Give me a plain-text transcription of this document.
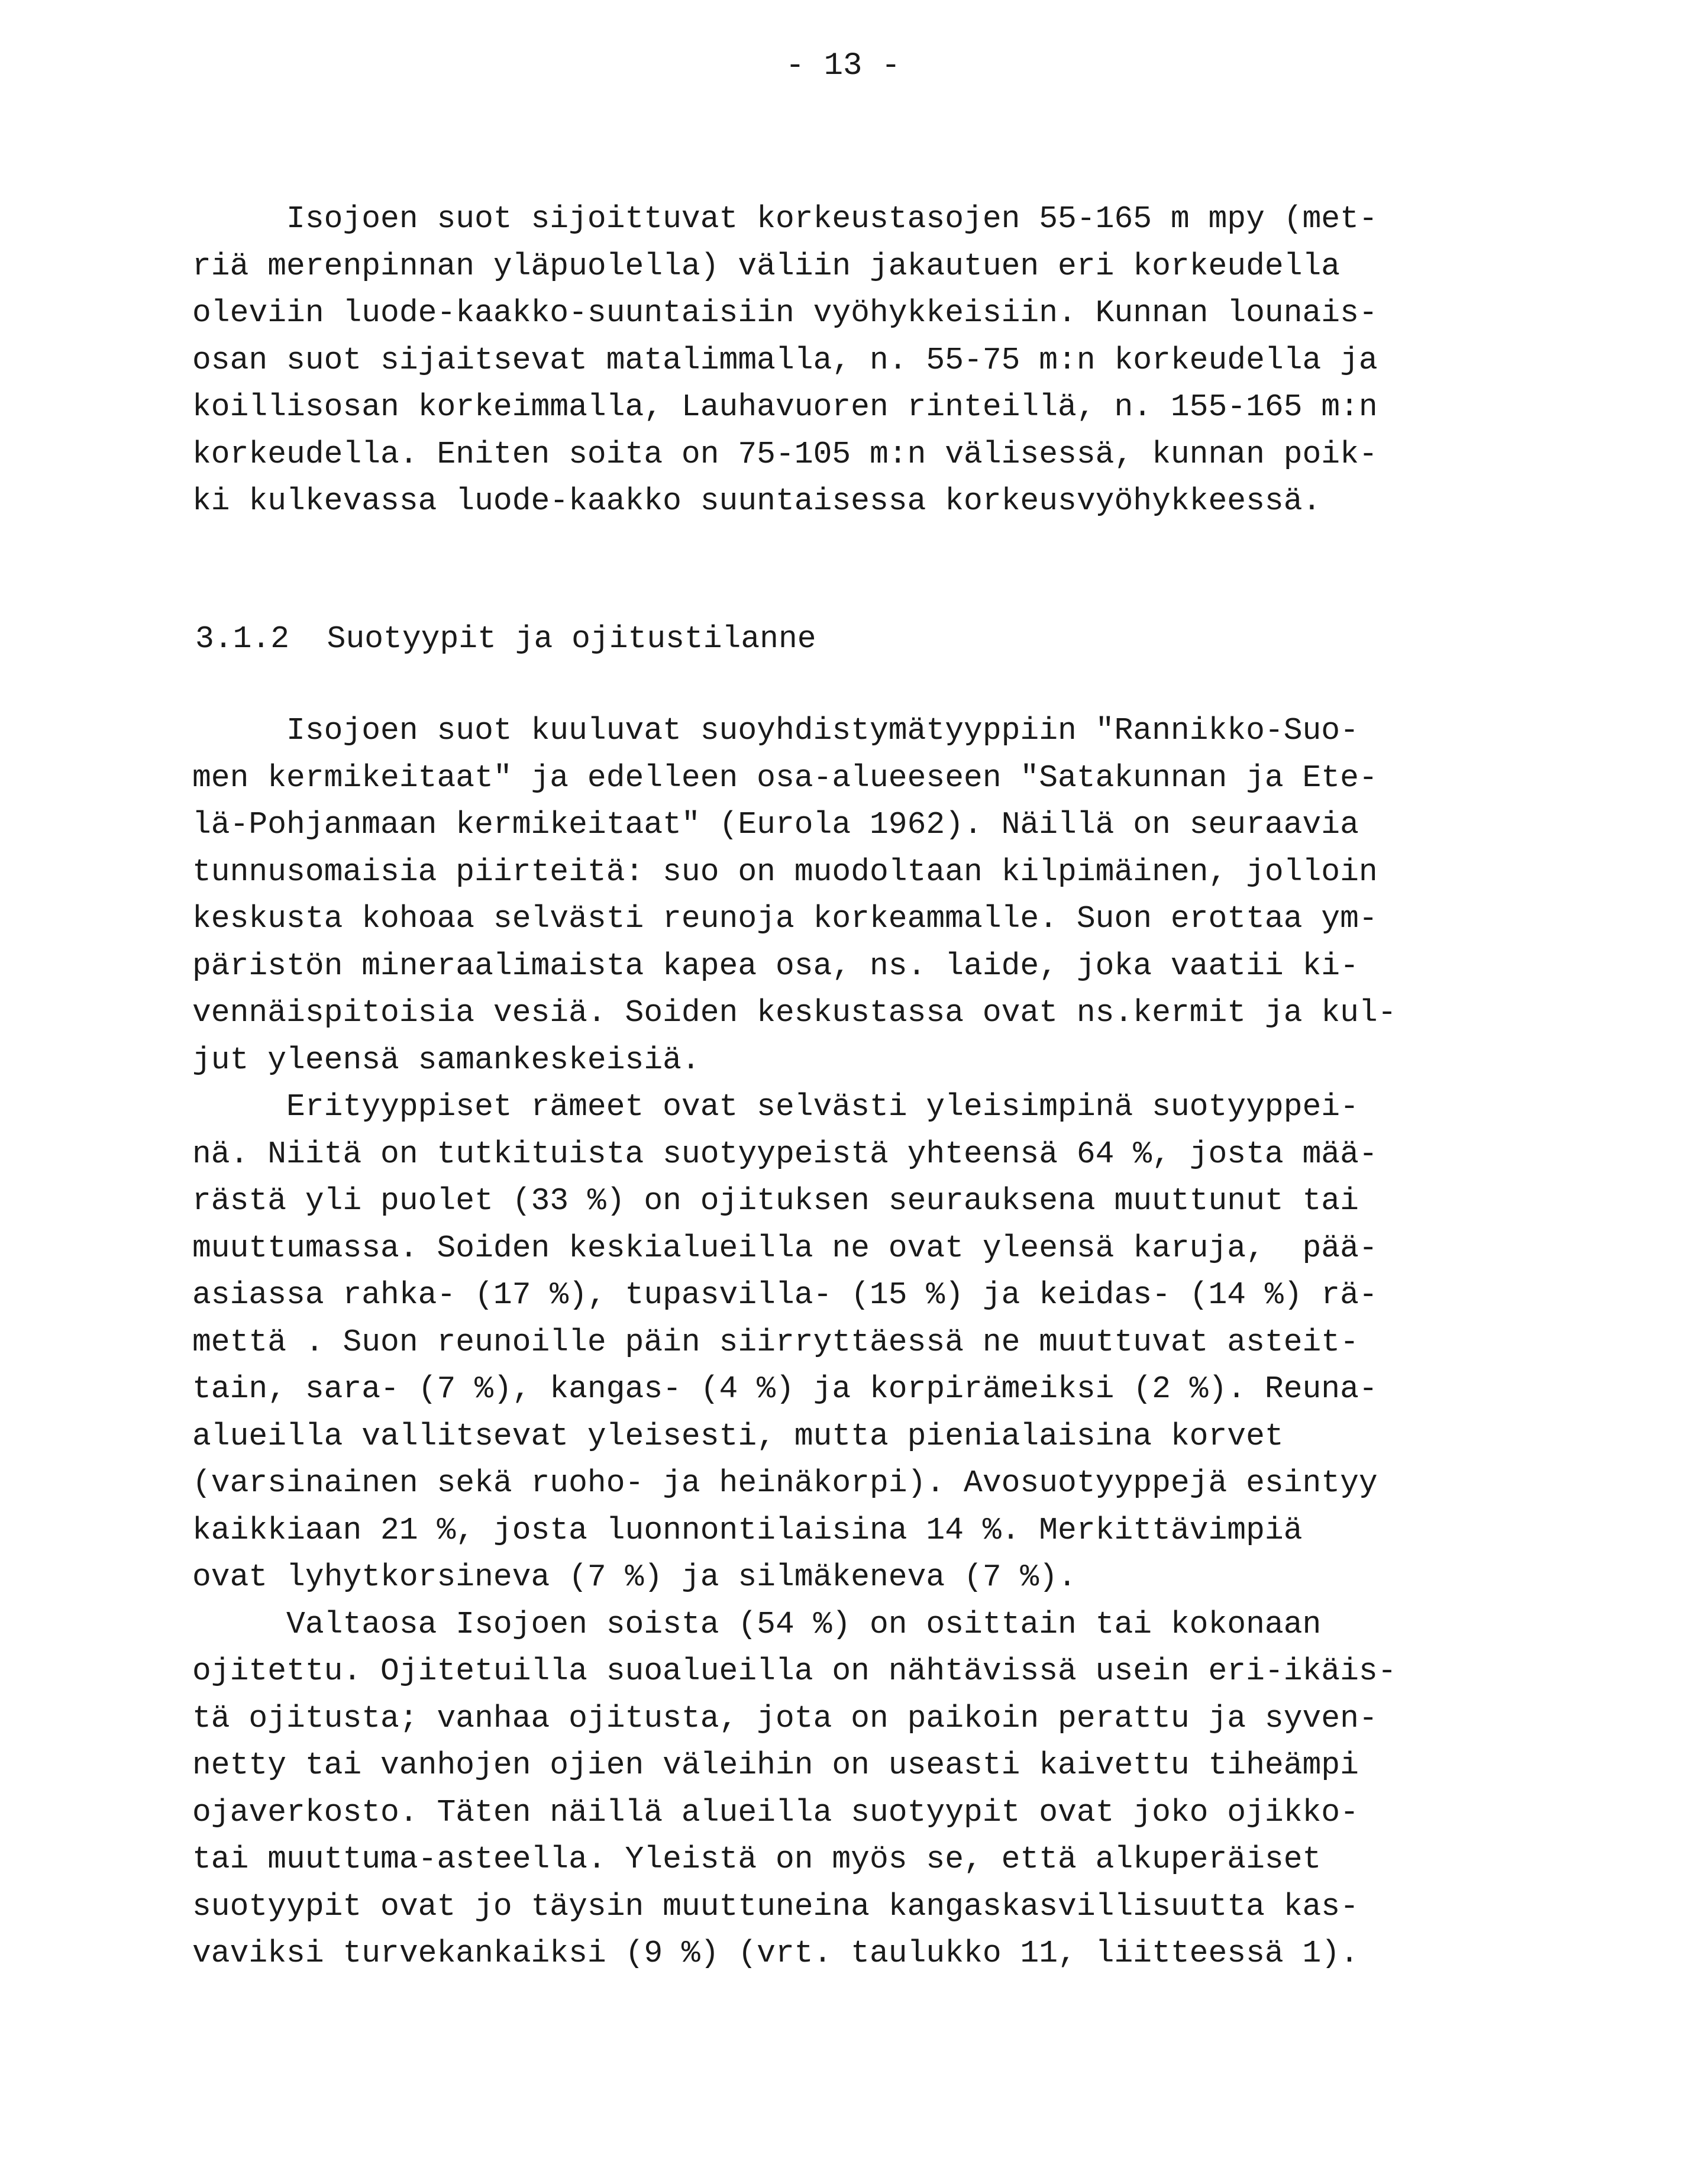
- 13 -
Isojoen suot sijoittuvat korkeustasojen 55-165 m mpy (met-
riä merenpinnan yläpuolella) väliin jakautuen eri korkeudella
oleviin luode-kaakko-suuntaisiin vyöhykkeisiin. Kunnan lounais-
osan suot sijaitsevat matalimmalla, n. 55-75 m:n korkeudella ja
koillisosan korkeimmalla, Lauhavuoren rinteillä, n. 155-165 m:n
korkeudella. Eniten soita on 75-105 m:n välisessä, kunnan poik-
ki kulkevassa luode-kaakko suuntaisessa korkeusvyöhykkeessä.
3.1.2  Suotyypit ja ojitustilanne
Isojoen suot kuuluvat suoyhdistymätyyppiin "Rannikko-Suo-
men kermikeitaat" ja edelleen osa-alueeseen "Satakunnan ja Ete-
lä-Pohjanmaan kermikeitaat" (Eurola 1962). Näillä on seuraavia
tunnusomaisia piirteitä: suo on muodoltaan kilpimäinen, jolloin
keskusta kohoaa selvästi reunoja korkeammalle. Suon erottaa ym-
päristön mineraalimaista kapea osa, ns. laide, joka vaatii ki-
vennäispitoisia vesiä. Soiden keskustassa ovat ns.kermit ja kul-
jut yleensä samankeskeisiä.
Erityyppiset rämeet ovat selvästi yleisimpinä suotyyppei-
nä. Niitä on tutkituista suotyypeistä yhteensä 64 %, josta mää-
rästä yli puolet (33 %) on ojituksen seurauksena muuttunut tai
muuttumassa. Soiden keskialueilla ne ovat yleensä karuja,  pää-
asiassa rahka- (17 %), tupasvilla- (15 %) ja keidas- (14 %) rä-
mettä . Suon reunoille päin siirryttäessä ne muuttuvat asteit-
tain, sara- (7 %), kangas- (4 %) ja korpirämeiksi (2 %). Reuna-
alueilla vallitsevat yleisesti, mutta pienialaisina korvet
(varsinainen sekä ruoho- ja heinäkorpi). Avosuotyyppejä esintyy
kaikkiaan 21 %, josta luonnontilaisina 14 %. Merkittävimpiä
ovat lyhytkorsineva (7 %) ja silmäkeneva (7 %).
Valtaosa Isojoen soista (54 %) on osittain tai kokonaan
ojitettu. Ojitetuilla suoalueilla on nähtävissä usein eri-ikäis-
tä ojitusta; vanhaa ojitusta, jota on paikoin perattu ja syven-
netty tai vanhojen ojien väleihin on useasti kaivettu tiheämpi
ojaverkosto. Täten näillä alueilla suotyypit ovat joko ojikko-
tai muuttuma-asteella. Yleistä on myös se, että alkuperäiset
suotyypit ovat jo täysin muuttuneina kangaskasvillisuutta kas-
vaviksi turvekankaiksi (9 %) (vrt. taulukko 11, liitteessä 1).
